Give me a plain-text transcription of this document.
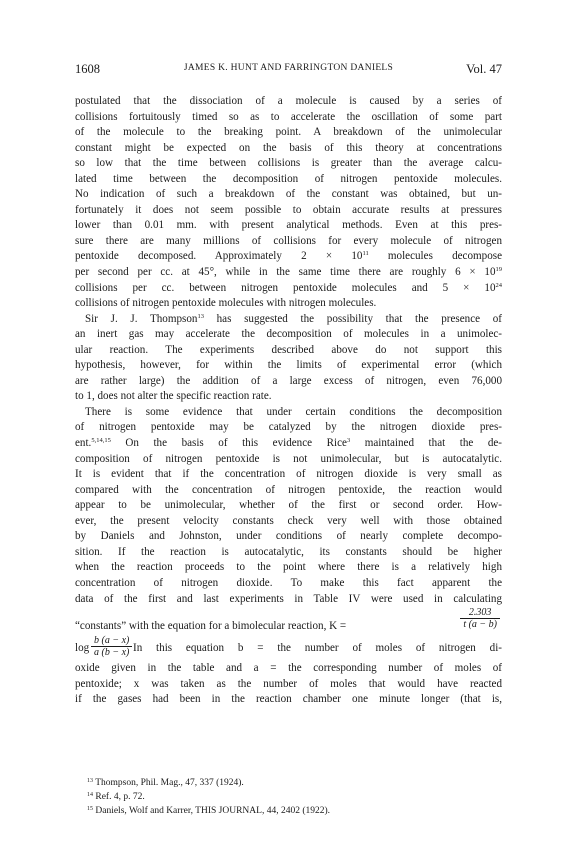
1608	JAMES K. HUNT AND FARRINGTON DANIELS	Vol. 47
postulated that the dissociation of a molecule is caused by a series of
collisions fortuitously timed so as to accelerate the oscillation of some part
of the molecule to the breaking point. A breakdown of the unimolecular
constant might be expected on the basis of this theory at concentrations
so low that the time between collisions is greater than the average calcu-
lated time between the decomposition of nitrogen pentoxide molecules.
No indication of such a breakdown of the constant was obtained, but un-
fortunately it does not seem possible to obtain accurate results at pressures
lower than 0.01 mm. with present analytical methods. Even at this pres-
sure there are many millions of collisions for every molecule of nitrogen
pentoxide decomposed. Approximately $2 \times 10^{11}$ molecules decompose
per second per cc. at 45°, while in the same time there are roughly $6 \times 10^{19}$
collisions per cc. between nitrogen pentoxide molecules and $5 \times 10^{24}$
collisions of nitrogen pentoxide molecules with nitrogen molecules.
Sir J. J. Thompson$^{13}$ has suggested the possibility that the presence of
an inert gas may accelerate the decomposition of molecules in a unimolec-
ular reaction. The experiments described above do not support this
hypothesis, however, for within the limits of experimental error (which
are rather large) the addition of a large excess of nitrogen, even 76,000
to 1, does not alter the specific reaction rate.
There is some evidence that under certain conditions the decomposition
of nitrogen pentoxide may be catalyzed by the nitrogen dioxide pres-
ent.$^{5,14,15}$ On the basis of this evidence Rice$^3$ maintained that the de-
composition of nitrogen pentoxide is not unimolecular, but is autocatalytic.
It is evident that if the concentration of nitrogen dioxide is very small as
compared with the concentration of nitrogen pentoxide, the reaction would
appear to be unimolecular, whether of the first or second order. How-
ever, the present velocity constants check very well with those obtained
by Daniels and Johnston, under conditions of nearly complete decompo-
sition. If the reaction is autocatalytic, its constants should be higher
when the reaction proceeds to the point where there is a relatively high
concentration of nitrogen dioxide. To make this fact apparent the
data of the first and last experiments in Table IV were used in calculating
“constants” with the equation for a bimolecular reaction, K =	$\frac{2.303}{t (a - b)}$
$\log \frac{b (a - x)}{a (b - x)}$ In this equation b = the number of moles of nitrogen di-
oxide given in the table and a = the corresponding number of moles of
pentoxide; x was taken as the number of moles that would have reacted
if the gases had been in the reaction chamber one minute longer (that is,
$^{13}$ Thompson, Phil. Mag., 47, 337 (1924).
$^{14}$ Ref. 4, p. 72.
$^{15}$ Daniels, Wolf and Karrer, THIS JOURNAL, 44, 2402 (1922).
